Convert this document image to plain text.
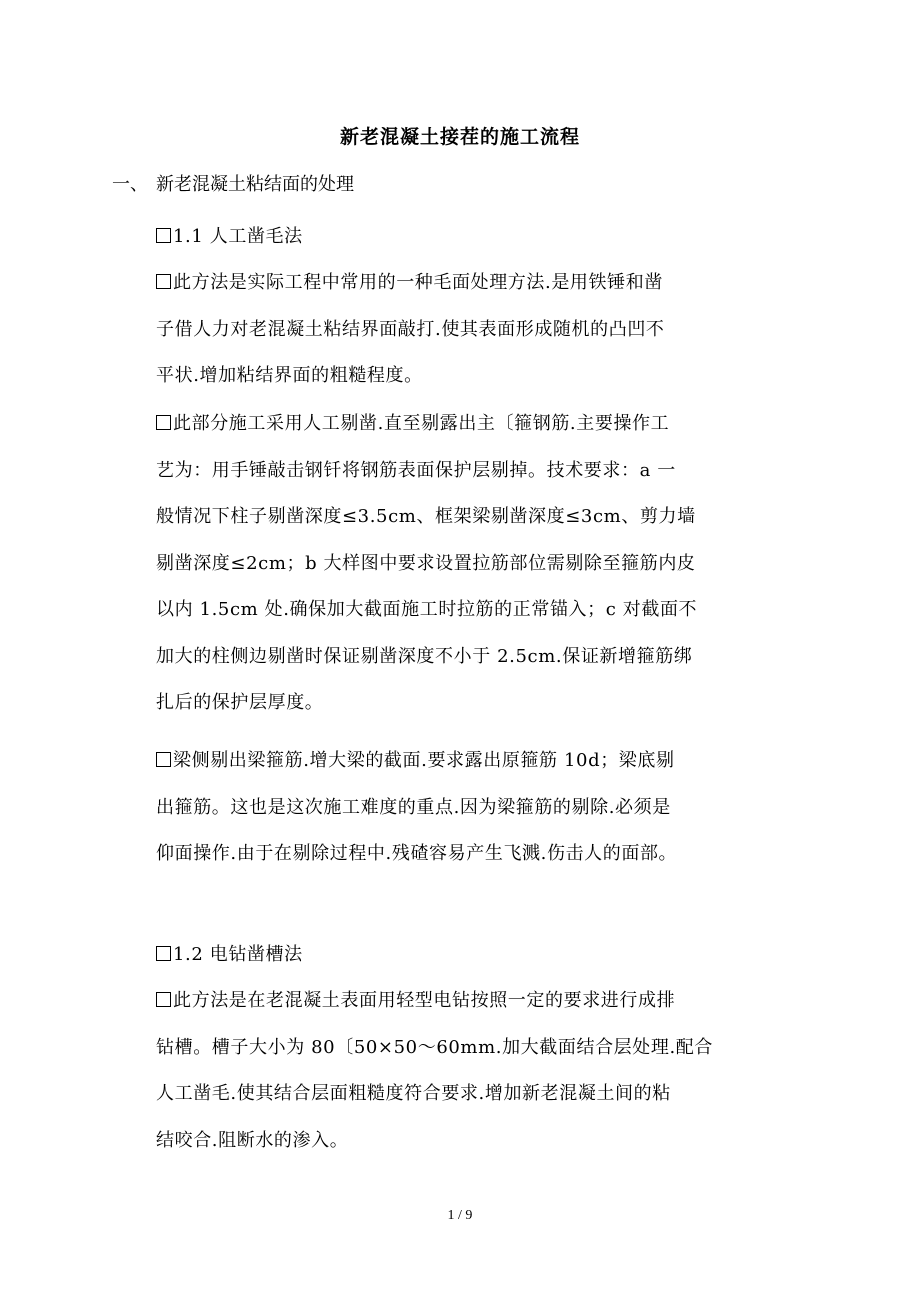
新老混凝土接茬的施工流程
一、 新老混凝土粘结面的处理
1.1 人工凿毛法
此方法是实际工程中常用的一种毛面处理方法.是用铁锤和凿
子借人力对老混凝土粘结界面敲打.使其表面形成随机的凸凹不
平状.增加粘结界面的粗糙程度。
此部分施工采用人工剔凿.直至剔露出主〔箍钢筋.主要操作工
艺为：用手锤敲击钢钎将钢筋表面保护层剔掉。技术要求：a 一
般情况下柱子剔凿深度≤3.5cm、框架梁剔凿深度≤3cm、剪力墙
剔凿深度≤2cm；b 大样图中要求设置拉筋部位需剔除至箍筋内皮
以内 1.5cm 处.确保加大截面施工时拉筋的正常锚入；c 对截面不
加大的柱侧边剔凿时保证剔凿深度不小于 2.5cm.保证新增箍筋绑
扎后的保护层厚度。
梁侧剔出梁箍筋.增大梁的截面.要求露出原箍筋 10d；梁底剔
出箍筋。这也是这次施工难度的重点.因为梁箍筋的剔除.必须是
仰面操作.由于在剔除过程中.残碴容易产生飞溅.伤击人的面部。
1.2 电钻凿槽法
此方法是在老混凝土表面用轻型电钻按照一定的要求进行成排
钻槽。槽子大小为 80〔50×50～60mm.加大截面结合层处理.配合
人工凿毛.使其结合层面粗糙度符合要求.增加新老混凝土间的粘
结咬合.阻断水的渗入。
1 / 9
